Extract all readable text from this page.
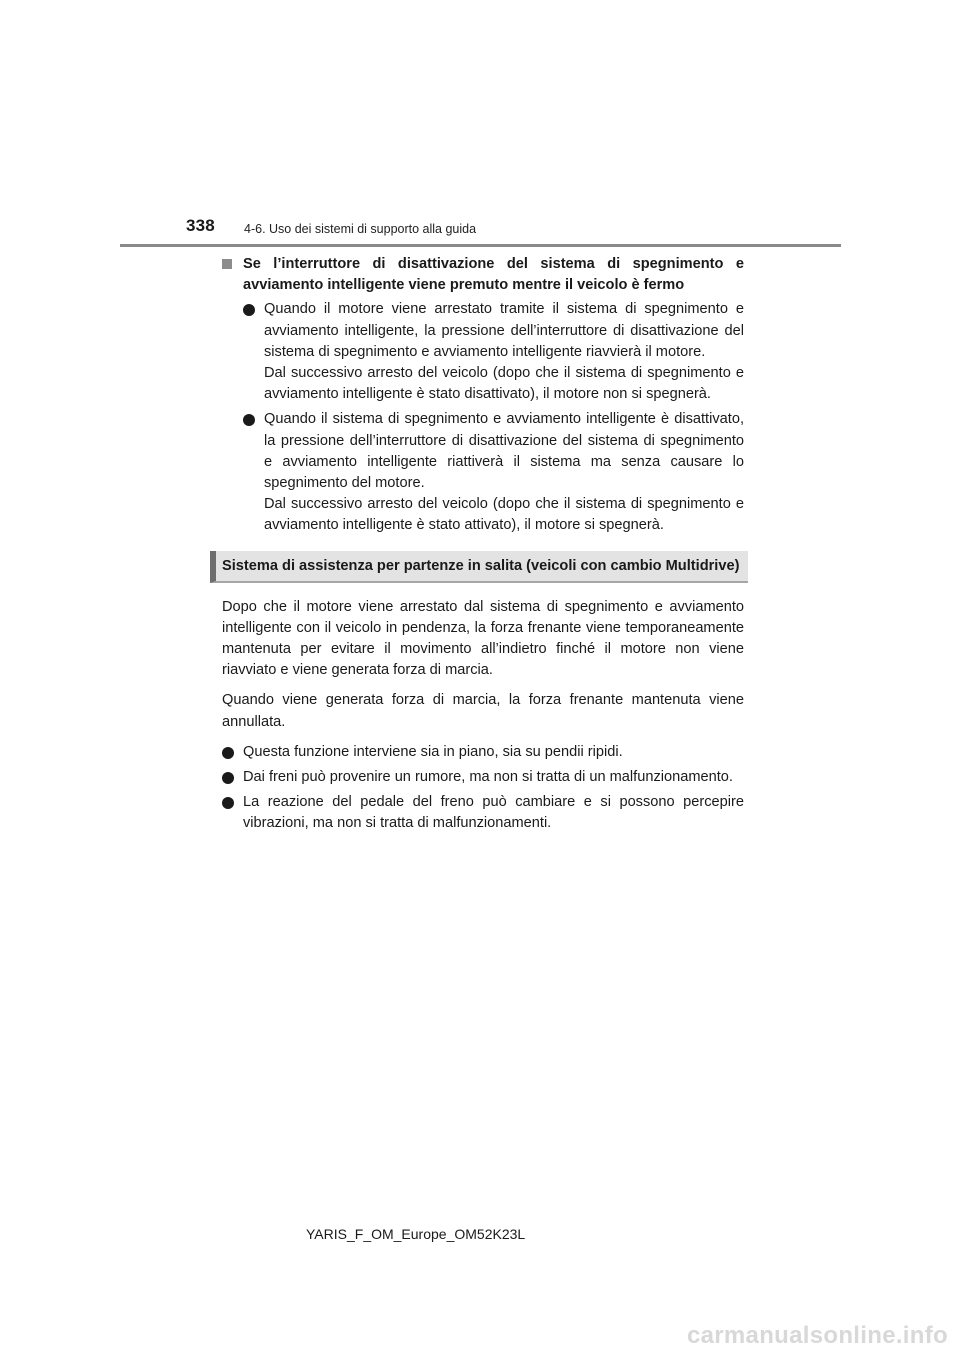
338 4-6. Uso dei sistemi di supporto alla guida
Se l’interruttore di disattivazione del sistema di spegnimento e avviamento intelligente viene premuto mentre il veicolo è fermo

Quando il motore viene arrestato tramite il sistema di spegnimento e avviamento intelligente, la pressione dell’interruttore di disattivazione del sistema di spegnimento e avviamento intelligente riavvierà il motore.

Dal successivo arresto del veicolo (dopo che il sistema di spegnimento e avviamento intelligente è stato disattivato), il motore non si spegnerà.

Quando il sistema di spegnimento e avviamento intelligente è disattivato, la pressione dell’interruttore di disattivazione del sistema di spegnimento e avviamento intelligente riattiverà il sistema ma senza causare lo spegnimento del motore.

Dal successivo arresto del veicolo (dopo che il sistema di spegnimento e avviamento intelligente è stato attivato), il motore si spegnerà.

Sistema di assistenza per partenze in salita (veicoli con cambio Multidrive)

Dopo che il motore viene arrestato dal sistema di spegnimento e avviamento intelligente con il veicolo in pendenza, la forza frenante viene temporaneamente mantenuta per evitare il movimento all’indietro finché il motore non viene riavviato e viene generata forza di marcia.

Quando viene generata forza di marcia, la forza frenante mantenuta viene annullata.

Questa funzione interviene sia in piano, sia su pendii ripidi.
Dai freni può provenire un rumore, ma non si tratta di un malfunzionamento.
La reazione del pedale del freno può cambiare e si possono percepire vibrazioni, ma non si tratta di malfunzionamenti.
YARIS_F_OM_Europe_OM52K23L
carmanualsonline.info
